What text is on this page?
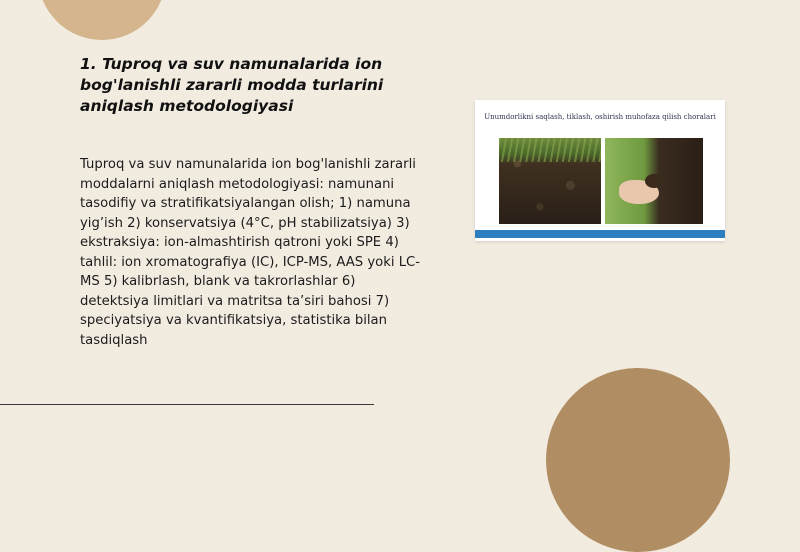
1. Tuproq va suv namunalarida ion bog'lanishli zararli modda turlarini aniqlash metodologiyasi

Tuproq va suv namunalarida ion bog'lanishli zararli moddalarni aniqlash metodologiyasi: namunani tasodifiy va stratifikatsiyalangan olish; 1) namuna yig’ish 2) konservatsiya (4°C, pH stabilizatsiya) 3) ekstraksiya: ion-almashtirish qatroni yoki SPE 4) tahlil: ion xromatografiya (IC), ICP-MS, AAS yoki LC-MS 5) kalibrlash, blank va takrorlashlar 6) detektsiya limitlari va matritsa ta’siri bahosi 7) speciyatsiya va kvantifikatsiya, statistika bilan tasdiqlash

Unumdorlikni saqlash, tiklash, oshirish muhofaza qilish choralari
